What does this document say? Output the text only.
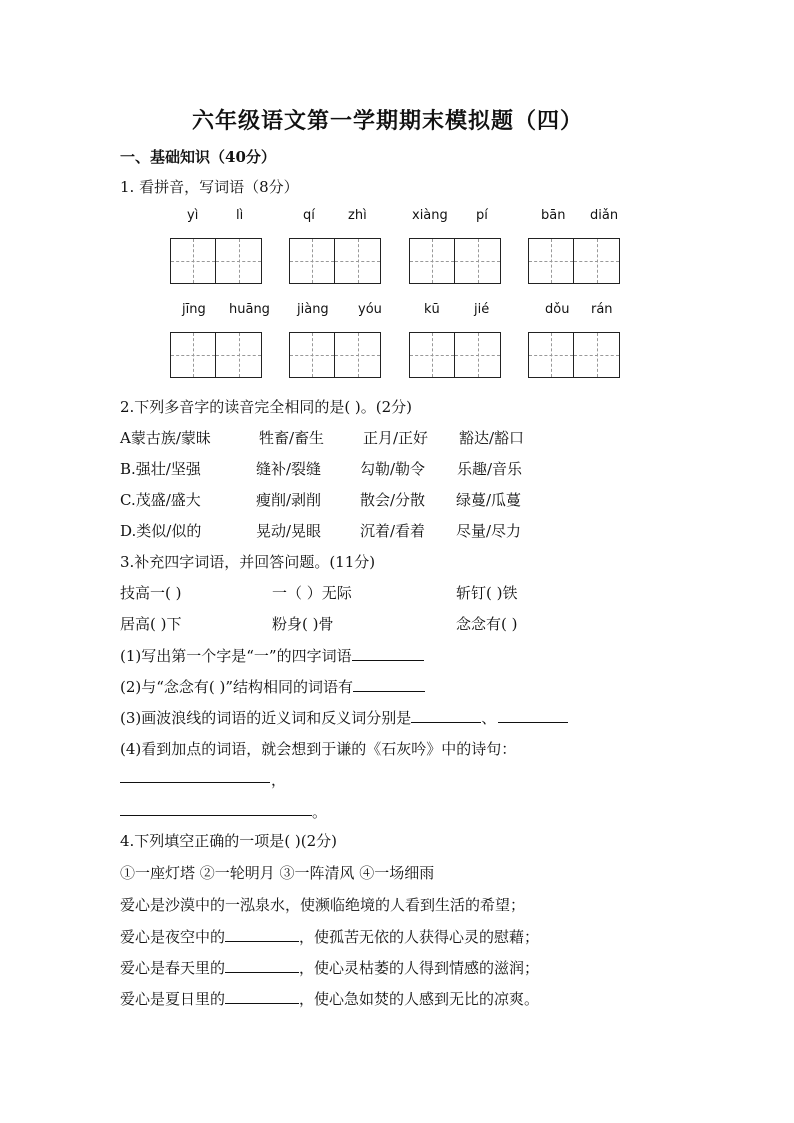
六年级语文第一学期期末模拟题（四）
一、基础知识（40分）
1. 看拼音，写词语（8分）
yì	lì	qí	zhì	xiàng pí	bān diǎn
jīng huāng jiàng yóu	kū	jié	dǒu rán
2.下列多音字的读音完全相同的是( )。(2分)
A蒙古族/蒙昧	牲畜/畜生	正月/正好 豁达/豁口
B.强壮/坚强	缝补/裂缝	勾勒/勒令 乐趣/音乐
C.茂盛/盛大	瘦削/剥削	散会/分散 绿蔓/瓜蔓
D.类似/似的	晃动/晃眼	沉着/看着 尽量/尽力
3.补充四字词语，并回答问题。(11分)
技高一( )	一（ ）无际	斩钉( )铁
居高( )下	粉身( )骨	念念有( )
(1)写出第一个字是“一”的四字词语
(2)与“念念有( )”结构相同的词语有
(3)画波浪线的词语的近义词和反义词分别是	、
(4)看到加点的词语，就会想到于谦的《石灰吟》中的诗句：
，
。
4.下列填空正确的一项是( )(2分)
①一座灯塔 ②一轮明月 ③一阵清风 ④一场细雨
爱心是沙漠中的一泓泉水，使濒临绝境的人看到生活的希望；
爱心是夜空中的	，使孤苦无依的人获得心灵的慰藉；
爱心是春天里的	，使心灵枯萎的人得到情感的滋润；
爱心是夏日里的	，使心急如焚的人感到无比的凉爽。
